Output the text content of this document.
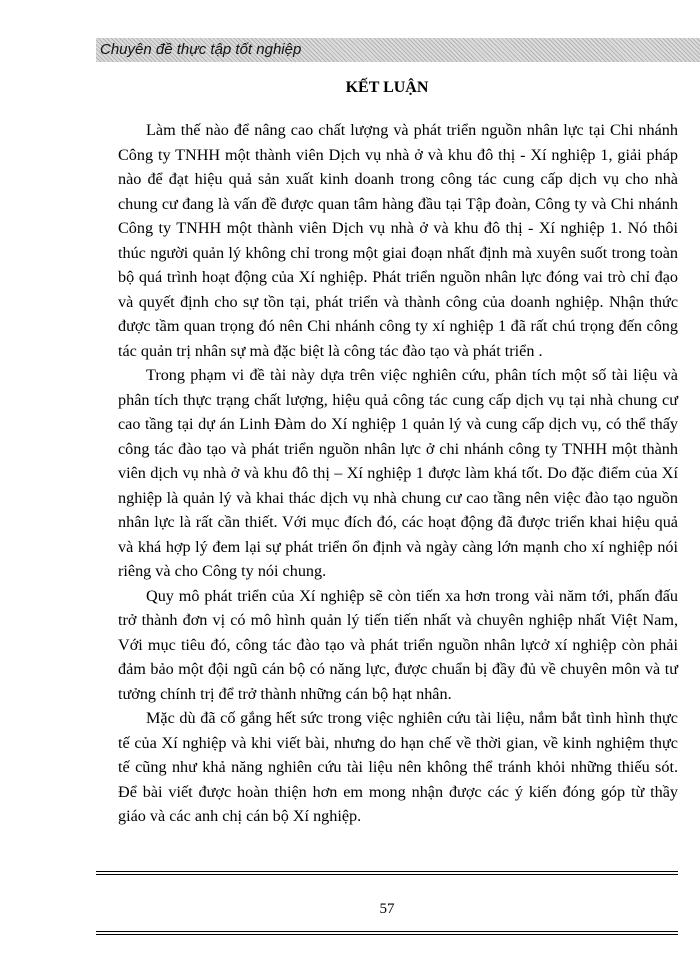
Chuyên đề thực tập tốt nghiệp
KẾT LUẬN

Làm thế nào để nâng cao chất lượng và phát triển nguồn nhân lực tại Chi nhánh Công ty TNHH một thành viên Dịch vụ nhà ở và khu đô thị - Xí nghiệp 1, giải pháp nào để đạt hiệu quả sản xuất kinh doanh trong công tác cung cấp dịch vụ cho nhà chung cư đang là vấn đề được quan tâm hàng đầu tại Tập đoàn, Công ty và Chi nhánh Công ty TNHH một thành viên Dịch vụ nhà ở và khu đô thị - Xí nghiệp 1. Nó thôi thúc người quản lý không chỉ trong một giai đoạn nhất định mà xuyên suốt trong toàn bộ quá trình hoạt động của Xí nghiệp. Phát triển nguồn nhân lực đóng vai trò chỉ đạo và quyết định cho sự tồn tại, phát triển và thành công của doanh nghiệp. Nhận thức được tầm quan trọng đó nên Chi nhánh công ty xí nghiệp 1 đã rất chú trọng đến công tác quản trị nhân sự mà đặc biệt là công tác đào tạo và phát triển .

Trong phạm vi đề tài này dựa trên việc nghiên cứu, phân tích một số tài liệu và phân tích thực trạng chất lượng, hiệu quả công tác cung cấp dịch vụ tại nhà chung cư cao tầng tại dự án Linh Đàm do Xí nghiệp 1 quản lý và cung cấp dịch vụ, có thể thấy công tác đào tạo và phát triển nguồn nhân lực ở chi nhánh công ty TNHH một thành viên dịch vụ nhà ở và khu đô thị – Xí nghiệp 1 được làm khá tốt. Do đặc điểm của Xí nghiệp là quản lý và khai thác dịch vụ nhà chung cư cao tầng nên việc đào tạo nguồn nhân lực là rất cần thiết. Với mục đích đó, các hoạt động đã được triển khai hiệu quả và khá hợp lý đem lại sự phát triển ổn định và ngày càng lớn mạnh cho xí nghiệp nói riêng và cho Công ty nói chung.

Quy mô phát triển của Xí nghiệp sẽ còn tiến xa hơn trong vài năm tới, phấn đấu trở thành đơn vị có mô hình quản lý tiến tiến nhất và chuyên nghiệp nhất Việt Nam, Với mục tiêu đó, công tác đào tạo và phát triển nguồn nhân lựcở xí nghiệp còn phải đảm bảo một đội ngũ cán bộ có năng lực, được chuẩn bị đầy đủ về chuyên môn và tư tưởng chính trị để trở thành những cán bộ hạt nhân.

Mặc dù đã cố gắng hết sức trong việc nghiên cứu tài liệu, nắm bắt tình hình thực tế của Xí nghiệp và khi viết bài, nhưng do hạn chế về thời gian, về kinh nghiệm thực tế cũng như khả năng nghiên cứu tài liệu nên không thể tránh khỏi những thiếu sót. Để bài viết được hoàn thiện hơn em mong nhận được các ý kiến đóng góp từ thầy giáo và các anh chị cán bộ Xí nghiệp.

57
